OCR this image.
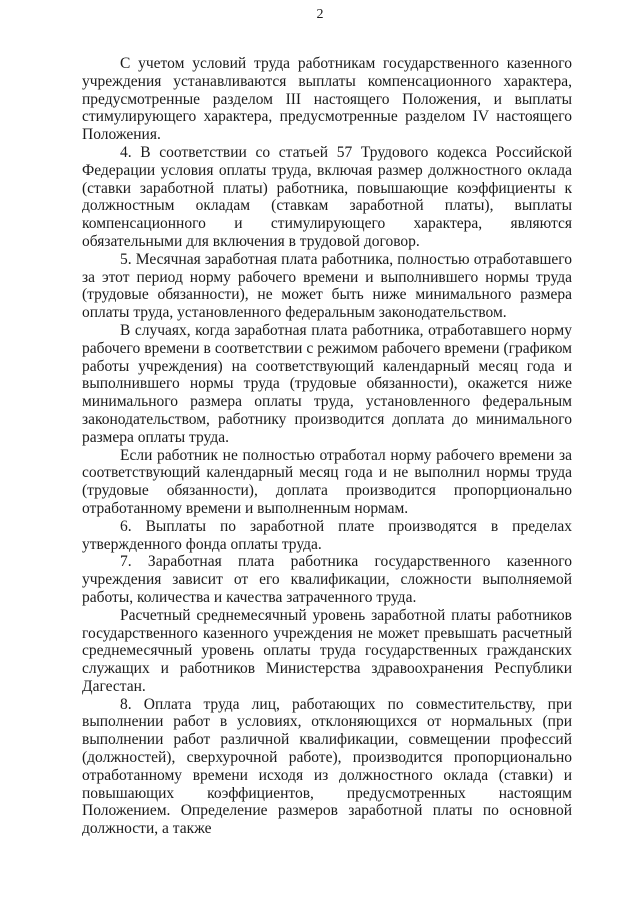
2

С учетом условий труда работникам государственного казенного учреждения устанавливаются выплаты компенсационного характера, предусмотренные разделом III настоящего Положения, и выплаты стимулирующего характера, предусмотренные разделом IV настоящего Положения.

4. В соответствии со статьей 57 Трудового кодекса Российской Федерации условия оплаты труда, включая размер должностного оклада (ставки заработной платы) работника, повышающие коэффициенты к должностным окладам (ставкам заработной платы), выплаты компенсационного и стимулирующего характера, являются обязательными для включения в трудовой договор.

5. Месячная заработная плата работника, полностью отработавшего за этот период норму рабочего времени и выполнившего нормы труда (трудовые обязанности), не может быть ниже минимального размера оплаты труда, установленного федеральным законодательством.

В случаях, когда заработная плата работника, отработавшего норму рабочего времени в соответствии с режимом рабочего времени (графиком работы учреждения) на соответствующий календарный месяц года и выполнившего нормы труда (трудовые обязанности), окажется ниже минимального размера оплаты труда, установленного федеральным законодательством, работнику производится доплата до минимального размера оплаты труда.

Если работник не полностью отработал норму рабочего времени за соответствующий календарный месяц года и не выполнил нормы труда (трудовые обязанности), доплата производится пропорционально отработанному времени и выполненным нормам.

6. Выплаты по заработной плате производятся в пределах утвержденного фонда оплаты труда.

7. Заработная плата работника государственного казенного учреждения зависит от его квалификации, сложности выполняемой работы, количества и качества затраченного труда.

Расчетный среднемесячный уровень заработной платы работников государственного казенного учреждения не может превышать расчетный среднемесячный уровень оплаты труда государственных гражданских служащих и работников Министерства здравоохранения Республики Дагестан.

8. Оплата труда лиц, работающих по совместительству, при выполнении работ в условиях, отклоняющихся от нормальных (при выполнении работ различной квалификации, совмещении профессий (должностей), сверхурочной работе), производится пропорционально отработанному времени исходя из должностного оклада (ставки) и повышающих коэффициентов, предусмотренных настоящим Положением. Определение размеров заработной платы по основной должности, а также
